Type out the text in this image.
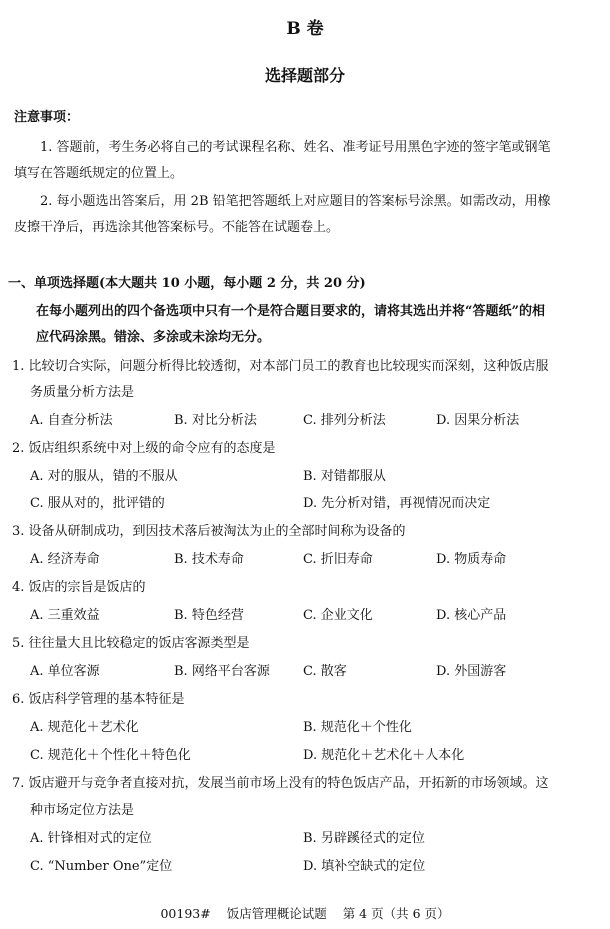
B 卷
选择题部分
注意事项：
1. 答题前，考生务必将自己的考试课程名称、姓名、准考证号用黑色字迹的签字笔或钢笔
填写在答题纸规定的位置上。
2. 每小题选出答案后，用 2B 铅笔把答题纸上对应题目的答案标号涂黑。如需改动，用橡
皮擦干净后，再选涂其他答案标号。不能答在试题卷上。
一、单项选择题(本大题共 10 小题，每小题 2 分，共 20 分)
在每小题列出的四个备选项中只有一个是符合题目要求的，请将其选出并将“答题纸”的相
应代码涂黑。错涂、多涂或未涂均无分。
1. 比较切合实际，问题分析得比较透彻，对本部门员工的教育也比较现实而深刻，这种饭店服
务质量分析方法是
A. 自查分析法	B. 对比分析法	C. 排列分析法	D. 因果分析法
2. 饭店组织系统中对上级的命令应有的态度是
A. 对的服从，错的不服从	B. 对错都服从
C. 服从对的，批评错的	D. 先分析对错，再视情况而决定
3. 设备从研制成功，到因技术落后被淘汰为止的全部时间称为设备的
A. 经济寿命	B. 技术寿命	C. 折旧寿命	D. 物质寿命
4. 饭店的宗旨是饭店的
A. 三重效益	B. 特色经营	C. 企业文化	D. 核心产品
5. 往往量大且比较稳定的饭店客源类型是
A. 单位客源	B. 网络平台客源	C. 散客	D. 外国游客
6. 饭店科学管理的基本特征是
A. 规范化＋艺术化	B. 规范化＋个性化
C. 规范化＋个性化＋特色化	D. 规范化＋艺术化＋人本化
7. 饭店避开与竞争者直接对抗，发展当前市场上没有的特色饭店产品，开拓新的市场领域。这
种市场定位方法是
A. 针锋相对式的定位	B. 另辟蹊径式的定位
C. “Number One”定位	D. 填补空缺式的定位
00193# 饭店管理概论试题 第 4 页（共 6 页）
